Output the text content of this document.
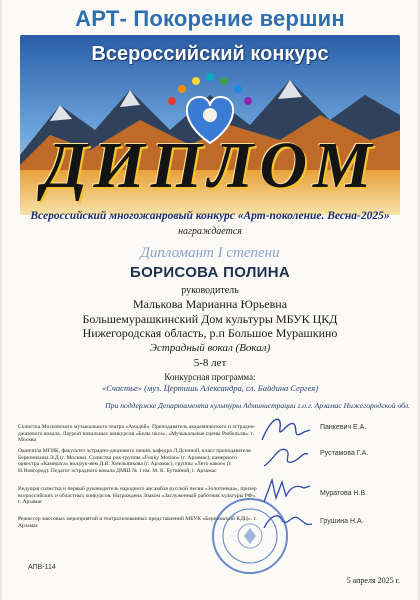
АРТ- Покорение вершин
Всероссийский конкурс
ДИПЛОМ
Всероссийский многожанровый конкурс «Арт-поколение. Весна-2025»
награждается
Дипломант I степени
БОРИСОВА ПОЛИНА
руководитель
Малькова Марианна Юрьевна
Большемурашкинский Дом культуры МБУК ЦКД
Нижегородская область, р.п Большое Мурашкино
Эстрадный вокал (Вокал)
5-8 лет
Конкурсная программа:
«Счастье» (муз. Цертишь Александра, сл. Байдина Сергея)
При поддержке Департамента культуры Администрации г.о.г. Арзамас Нижегородской обл.
Солистка Московского музыкального театра «Амадей». Преподаватель академического и эстрадно-джазового вокала. Лауреат вокальных конкурсов «Белы чоса», «Музыкальные сцены Рюбельля». г. Москва
Окончила МГИК, факультет эстрадно-джазового пения, кафедра Л.Дсенной, класс преподавателя Березинкина Э.Д (г. Москва). Солистка рок-группы «Funky Motion» (г. Арзамас), камерного оркестра «Камерата» вол.рук-вем Д.В. Хмельникова (г. Арзамас), группы «Лето какое» (г. Н.Новгород). Педагог эстрадного вокала ДМШ № 1 им. М. К. Бутвиной, г. Арзамас
Ведущая солистка и первый руководитель народного ансамбля русской песни «Золотинкаа», призер всероссийских и областных конкурсов. Награждена Знаком «Заслуженный работник культуры РФ». г. Арзамас
Режиссер массовых мероприятий и театрализованных представлений МБУК «Березовский КДЦ». г. Арзамас
Панкевич Е.А.
Рустамова Г.А.
Муратова Н.В.
Грушина Н.А.
АПВ-114
5 апреля 2025 г.
